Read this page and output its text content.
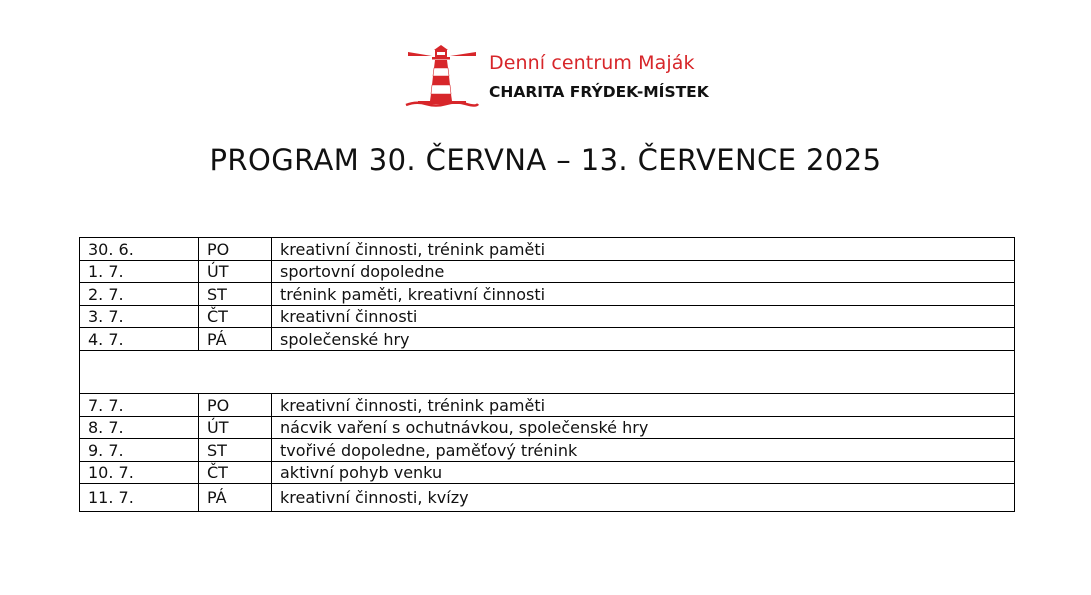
Denní centrum Maják
CHARITA FRÝDEK-MÍSTEK
PROGRAM 30. ČERVNA – 13. ČERVENCE 2025
30. 6.	PO	kreativní činnosti, trénink paměti
1. 7.	ÚT	sportovní dopoledne
2. 7.	ST	trénink paměti, kreativní činnosti
3. 7.	ČT	kreativní činnosti
4. 7.	PÁ	společenské hry

7. 7.	PO	kreativní činnosti, trénink paměti
8. 7.	ÚT	nácvik vaření s ochutnávkou, společenské hry
9. 7.	ST	tvořivé dopoledne, paměťový trénink
10. 7.	ČT	aktivní pohyb venku
11. 7.	PÁ	kreativní činnosti, kvízy
